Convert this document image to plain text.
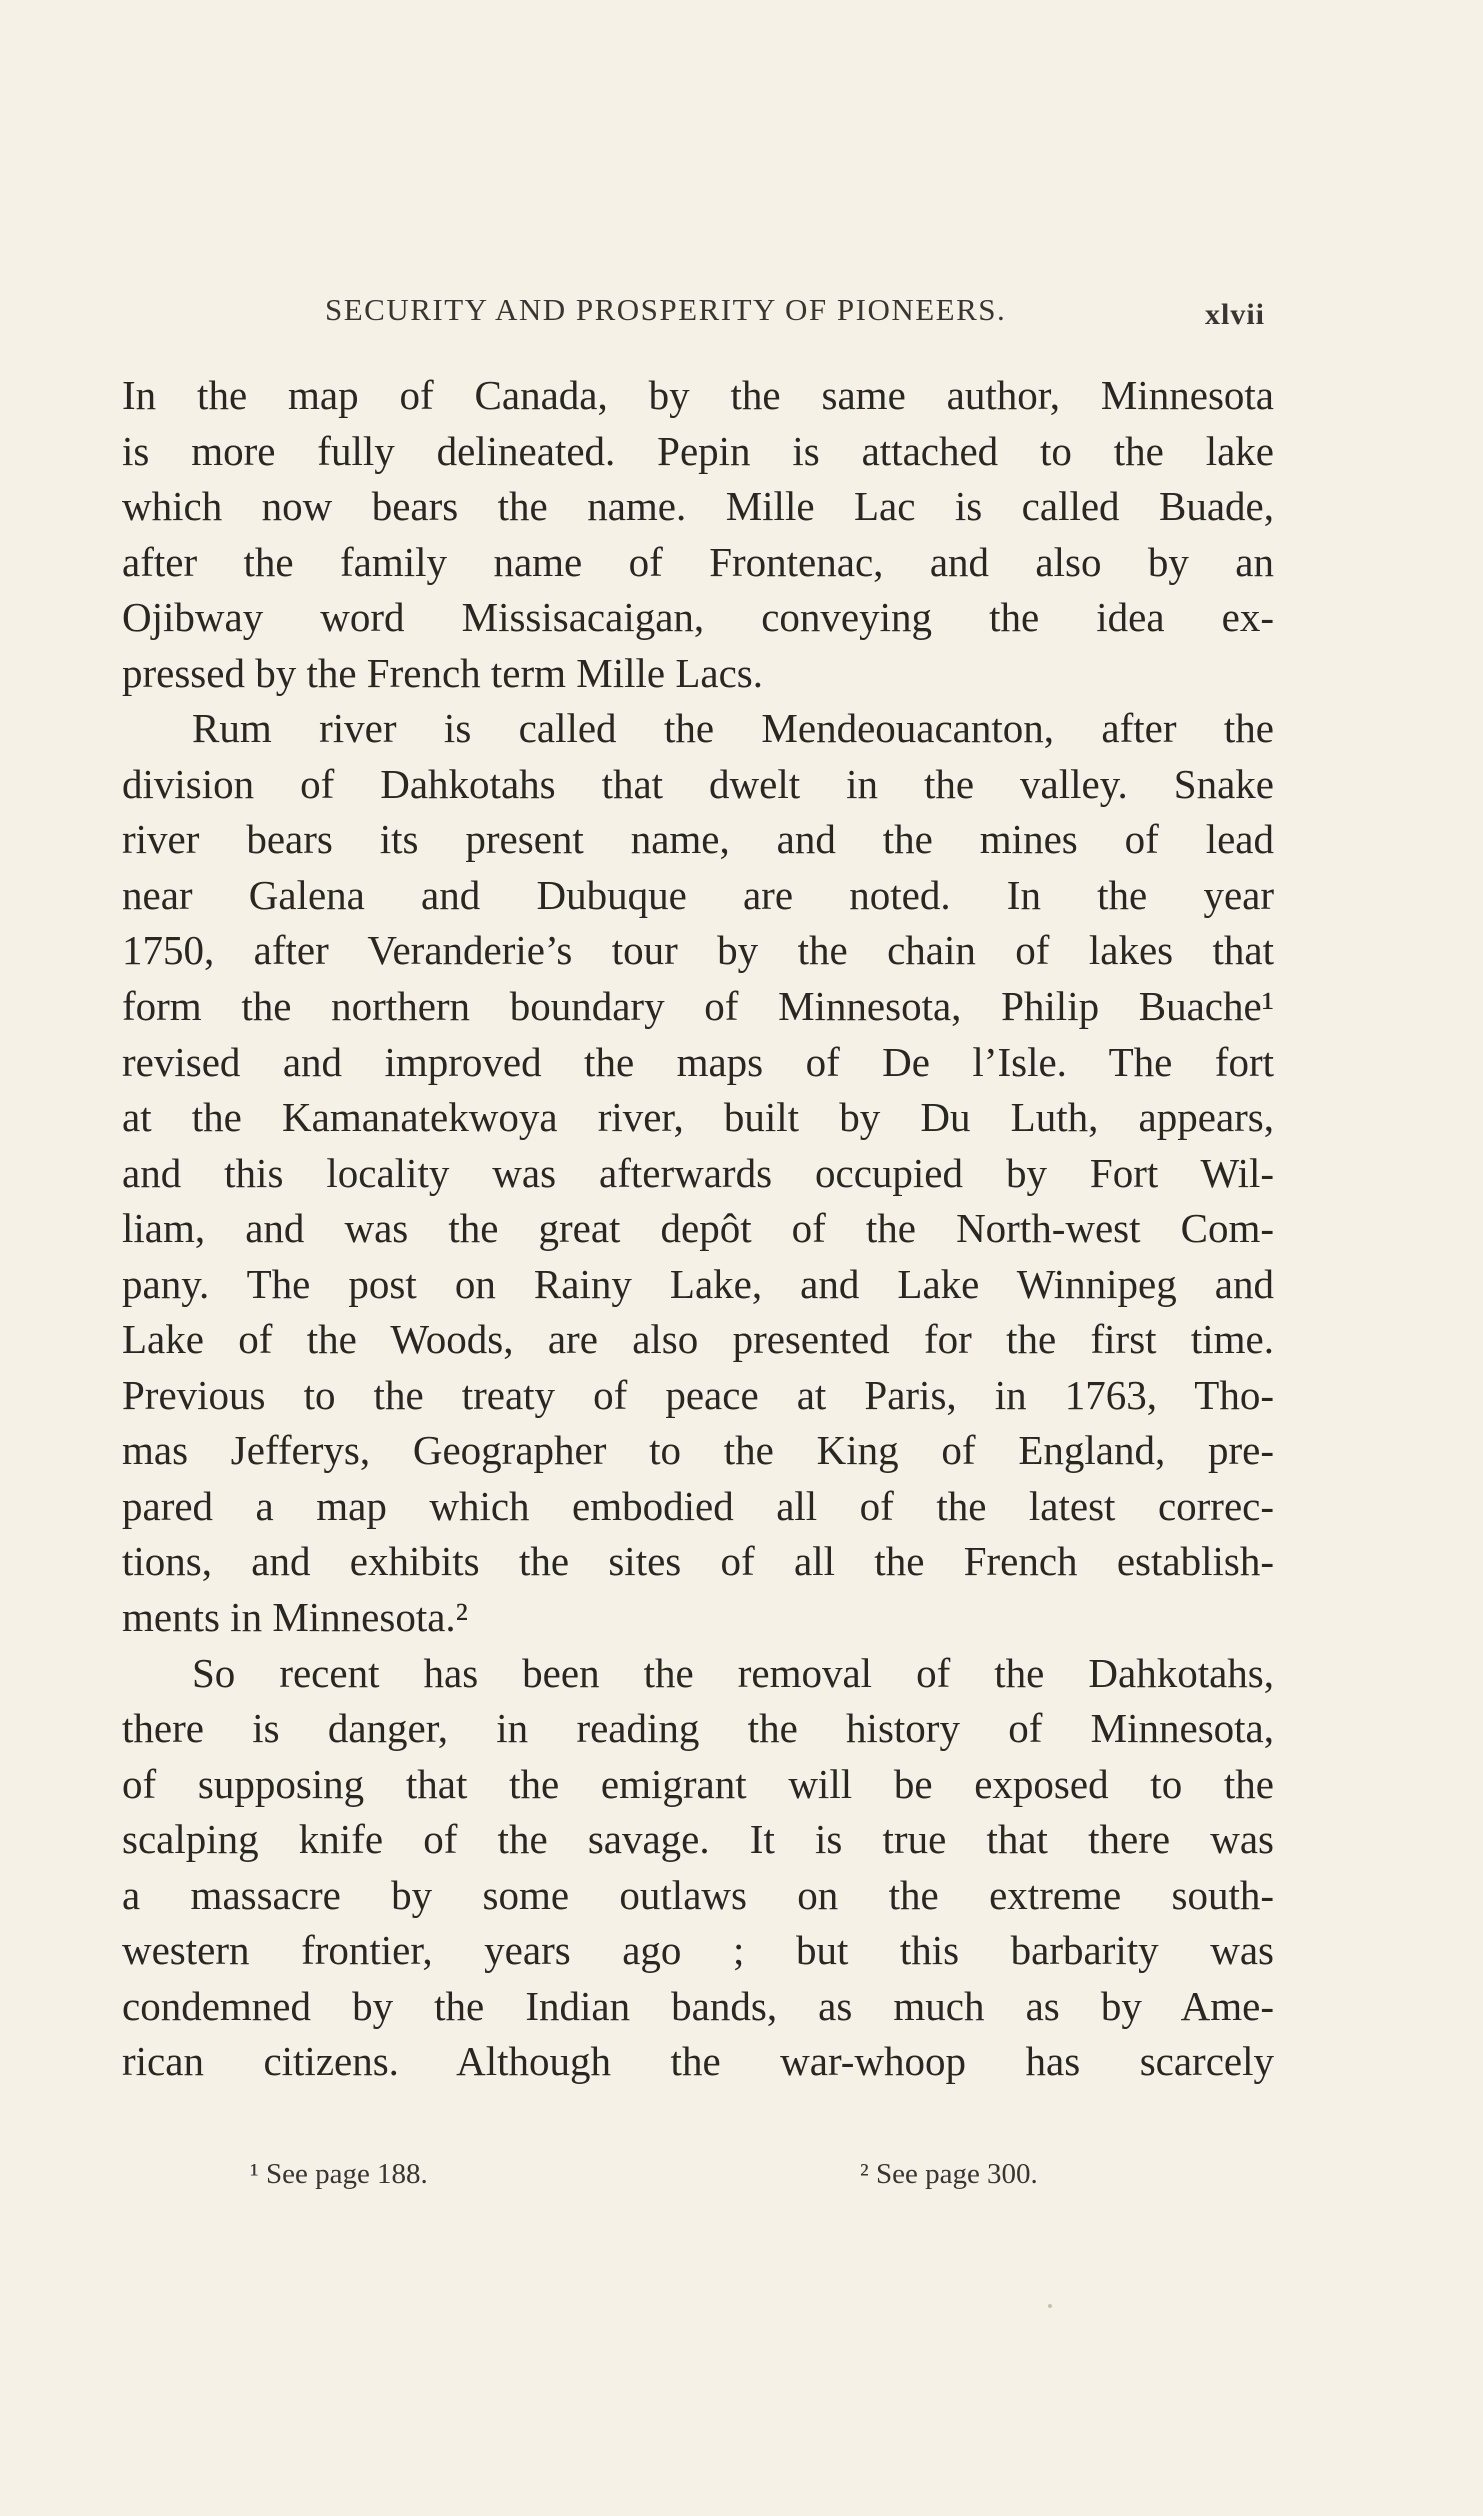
SECURITY AND PROSPERITY OF PIONEERS.	xlvii
In the map of Canada, by the same author, Minnesota
is more fully delineated. Pepin is attached to the lake
which now bears the name. Mille Lac is called Buade,
after the family name of Frontenac, and also by an
Ojibway word Missisacaigan, conveying the idea ex-
pressed by the French term Mille Lacs.
Rum river is called the Mendeouacanton, after the
division of Dahkotahs that dwelt in the valley. Snake
river bears its present name, and the mines of lead
near Galena and Dubuque are noted. In the year
1750, after Veranderie’s tour by the chain of lakes that
form the northern boundary of Minnesota, Philip Buache¹
revised and improved the maps of De l’Isle. The fort
at the Kamanatekwoya river, built by Du Luth, appears,
and this locality was afterwards occupied by Fort Wil-
liam, and was the great depôt of the North-west Com-
pany. The post on Rainy Lake, and Lake Winnipeg and
Lake of the Woods, are also presented for the first time.
Previous to the treaty of peace at Paris, in 1763, Tho-
mas Jefferys, Geographer to the King of England, pre-
pared a map which embodied all of the latest correc-
tions, and exhibits the sites of all the French establish-
ments in Minnesota.²
So recent has been the removal of the Dahkotahs,
there is danger, in reading the history of Minnesota,
of supposing that the emigrant will be exposed to the
scalping knife of the savage. It is true that there was
a massacre by some outlaws on the extreme south-
western frontier, years ago ; but this barbarity was
condemned by the Indian bands, as much as by Ame-
rican citizens. Although the war-whoop has scarcely
¹ See page 188.	² See page 300.
